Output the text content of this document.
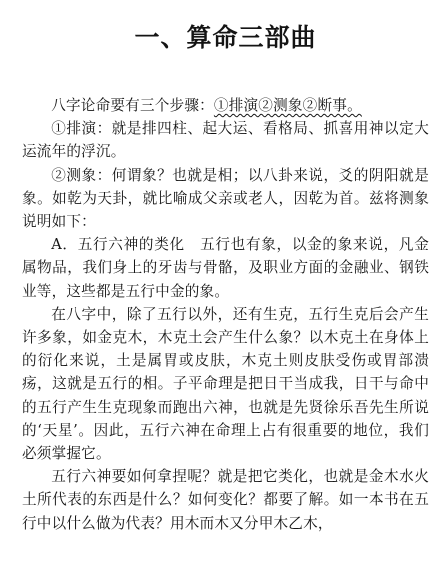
一、算命三部曲

八字论命要有三个步骤：①排演②测象②断事。

①排演：就是排四柱、起大运、看格局、抓喜用神以定大运流年的浮沉。

②测象：何谓象？也就是相；以八卦来说，爻的阴阳就是象。如乾为天卦，就比喻成父亲或老人，因乾为首。兹将测象说明如下：

A．五行六神的类化　五行也有象，以金的象来说，凡金属物品，我们身上的牙齿与骨骼，及职业方面的金融业、钢铁业等，这些都是五行中金的象。

在八字中，除了五行以外，还有生克，五行生克后会产生许多象，如金克木，木克土会产生什么象？以木克土在身体上的衍化来说，土是属胃或皮肤，木克土则皮肤受伤或胃部溃疡，这就是五行的相。子平命理是把日干当成我，日干与命中的五行产生生克现象而跑出六神，也就是先贤徐乐吾先生所说的‘天星’。因此，五行六神在命理上占有很重要的地位，我们必须掌握它。

五行六神要如何拿捏呢？就是把它类化，也就是金木水火土所代表的东西是什么？如何变化？都要了解。如一本书在五行中以什么做为代表？用木而木又分甲木乙木，
